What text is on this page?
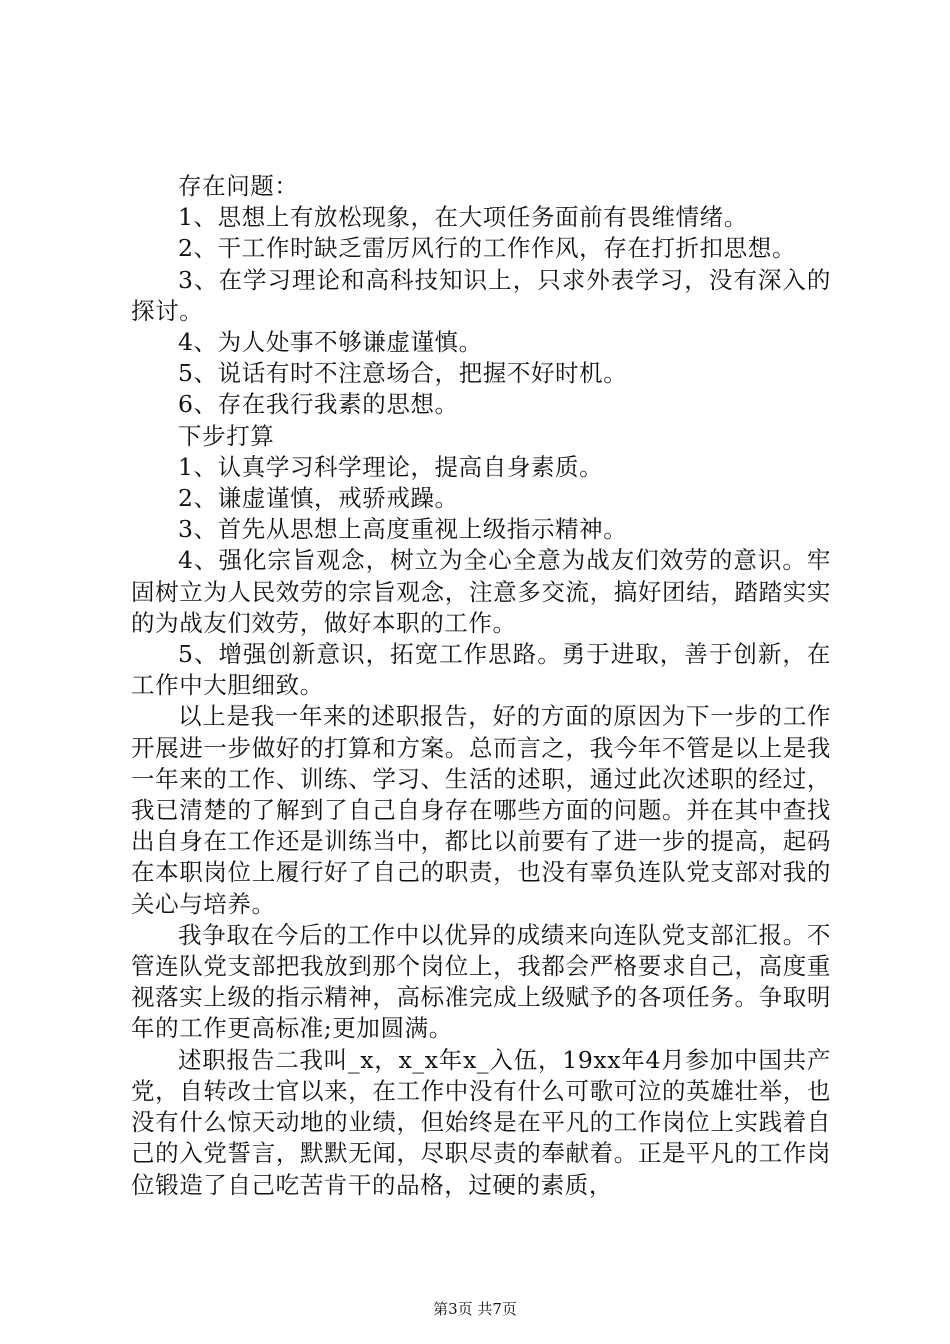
存在问题：

1、思想上有放松现象，在大项任务面前有畏维情绪。

2、干工作时缺乏雷厉风行的工作作风，存在打折扣思想。

3、在学习理论和高科技知识上，只求外表学习，没有深入的探讨。

4、为人处事不够谦虚谨慎。

5、说话有时不注意场合，把握不好时机。

6、存在我行我素的思想。

下步打算

1、认真学习科学理论，提高自身素质。

2、谦虚谨慎，戒骄戒躁。

3、首先从思想上高度重视上级指示精神。

4、强化宗旨观念，树立为全心全意为战友们效劳的意识。牢固树立为人民效劳的宗旨观念，注意多交流，搞好团结，踏踏实实的为战友们效劳，做好本职的工作。

5、增强创新意识，拓宽工作思路。勇于进取，善于创新，在工作中大胆细致。

以上是我一年来的述职报告，好的方面的原因为下一步的工作开展进一步做好的打算和方案。总而言之，我今年不管是以上是我一年来的工作、训练、学习、生活的述职，通过此次述职的经过，我已清楚的了解到了自己自身存在哪些方面的问题。并在其中查找出自身在工作还是训练当中，都比以前要有了进一步的提高，起码在本职岗位上履行好了自己的职责，也没有辜负连队党支部对我的关心与培养。

我争取在今后的工作中以优异的成绩来向连队党支部汇报。不管连队党支部把我放到那个岗位上，我都会严格要求自己，高度重视落实上级的指示精神，高标准完成上级赋予的各项任务。争取明年的工作更高标准;更加圆满。

述职报告二我叫_x，x_x年x_入伍，19xx年4月参加中国共产党，自转改士官以来，在工作中没有什么可歌可泣的英雄壮举，也没有什么惊天动地的业绩，但始终是在平凡的工作岗位上实践着自己的入党誓言，默默无闻，尽职尽责的奉献着。正是平凡的工作岗位锻造了自己吃苦肯干的品格，过硬的素质，

第3页 共7页
